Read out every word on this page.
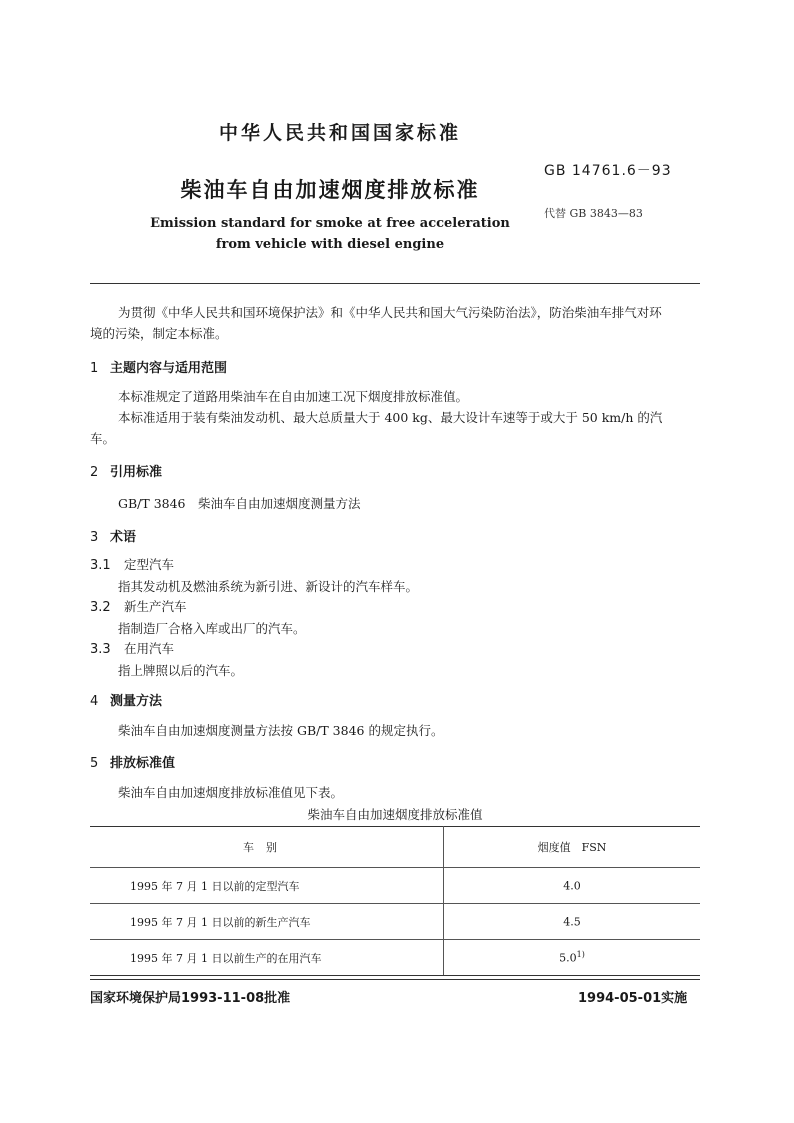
中华人民共和国国家标准
柴油车自由加速烟度排放标准
Emission standard for smoke at free acceleration
from vehicle with diesel engine
GB 14761.6－93
代替 GB 3843—83
为贯彻《中华人民共和国环境保护法》和《中华人民共和国大气污染防治法》，防治柴油车排气对环
境的污染，制定本标准。
1 主题内容与适用范围
本标准规定了道路用柴油车在自由加速工况下烟度排放标准值。
本标准适用于装有柴油发动机、最大总质量大于 400 kg、最大设计车速等于或大于 50 km/h 的汽
车。
2 引用标准
GB/T 3846　柴油车自由加速烟度测量方法
3 术语
3.1 定型汽车
指其发动机及燃油系统为新引进、新设计的汽车样车。
3.2 新生产汽车
指制造厂合格入库或出厂的汽车。
3.3 在用汽车
指上牌照以后的汽车。
4 测量方法
柴油车自由加速烟度测量方法按 GB/T 3846 的规定执行。
5 排放标准值
柴油车自由加速烟度排放标准值见下表。
柴油车自由加速烟度排放标准值
车别	烟度值　FSN
1995 年 7 月 1 日以前的定型汽车	4.0
1995 年 7 月 1 日以前的新生产汽车	4.5
1995 年 7 月 1 日以前生产的在用汽车	5.0$^{1)}$
国家环境保护局1993-11-08批准	1994-05-01实施
